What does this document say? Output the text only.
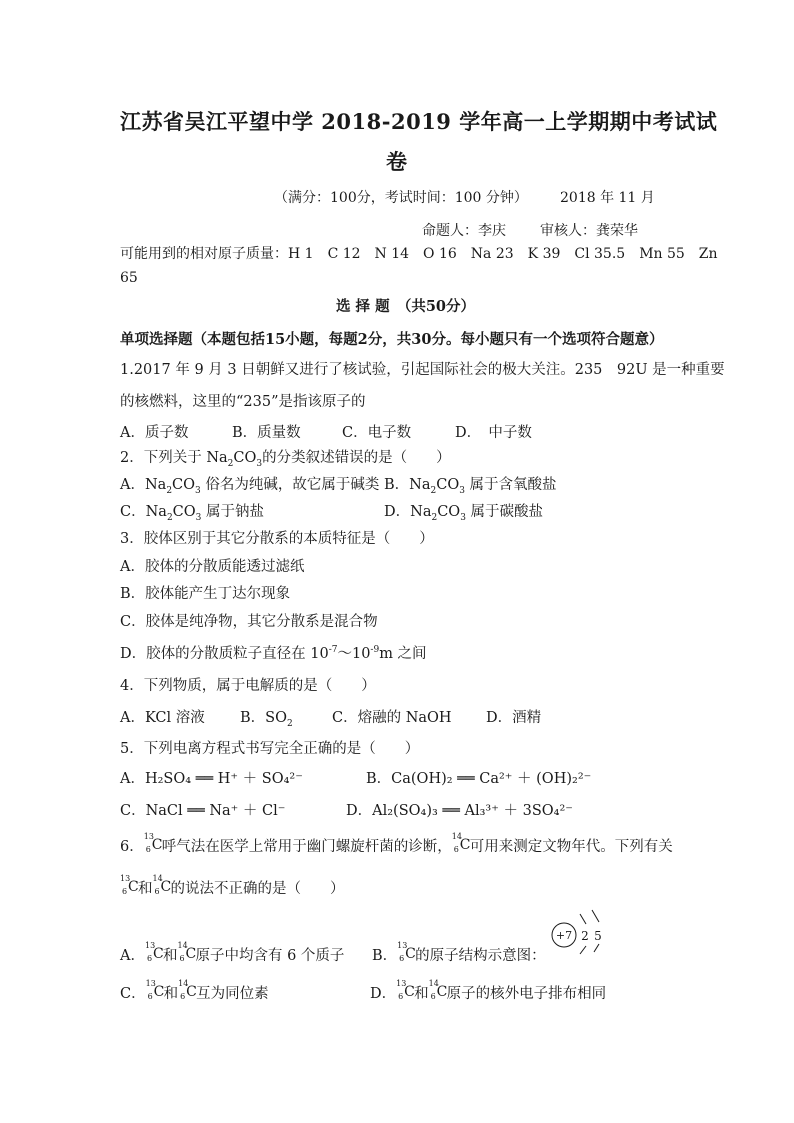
江苏省吴江平望中学 2018-2019 学年高一上学期期中考试试
卷
（满分：100分，考试时间：100 分钟） 2018 年 11 月
命题人：李庆 审核人：龚荣华
可能用到的相对原子质量：H 1　C 12　N 14　O 16　Na 23　K 39　Cl 35.5　Mn 55　Zn
65
选 择 题　（共50分）
单项选择题（本题包括15小题，每题2分，共30分。每小题只有一个选项符合题意）
1.2017 年 9 月 3 日朝鲜又进行了核试验，引起国际社会的极大关注。235　92U 是一种重要
的核燃料，这里的“235”是指该原子的
A．质子数	B．质量数	C．电子数	D．　中子数
2．下列关于 $Na_2CO_3$的分类叙述错误的是（　　）
A．$Na_2CO_3$ 俗名为纯碱，故它属于碱类 B．$Na_2CO_3$ 属于含氧酸盐
C．$Na_2CO_3$ 属于钠盐	D．$Na_2CO_3$ 属于碳酸盐
3．胶体区别于其它分散系的本质特征是（　　）
A．胶体的分散质能透过滤纸
B．胶体能产生丁达尔现象
C．胶体是纯净物，其它分散系是混合物
D．胶体的分散质粒子直径在 $10^{-7}\sim 10^{-9}m$ 之间
4．下列物质，属于电解质的是（　　）
A．KCl 溶液 B．$SO_2$	C．熔融的 NaOH D．酒精
5．下列电离方程式书写完全正确的是（　　）
A．H₂SO₄ ══ H⁺ ＋ SO₄²⁻	B．Ca(OH)₂ ══ Ca²⁺ ＋ (OH)₂²⁻
C．NaCl ══ Na⁺ ＋ Cl⁻	D．Al₂(SO₄)₃ ══ Al₃³⁺ ＋ 3SO₄²⁻
6．
13
6 C 呼气法在医学上常用于幽门螺旋杆菌的诊断，
14
6 C 可用来测定文物年代。下列有关
13
6 C 和
14
6 C 的说法不正确的是（　　）
A．
13
6 C 和
14
6 C 原子中均含有 6 个质子 B．
13
6 C 的原子结构示意图：
+7 2 5
C．
13
6 C 和
14
6 C 互为同位素	D．
13
6 C 和
14
6 C 原子的核外电子排布相同
